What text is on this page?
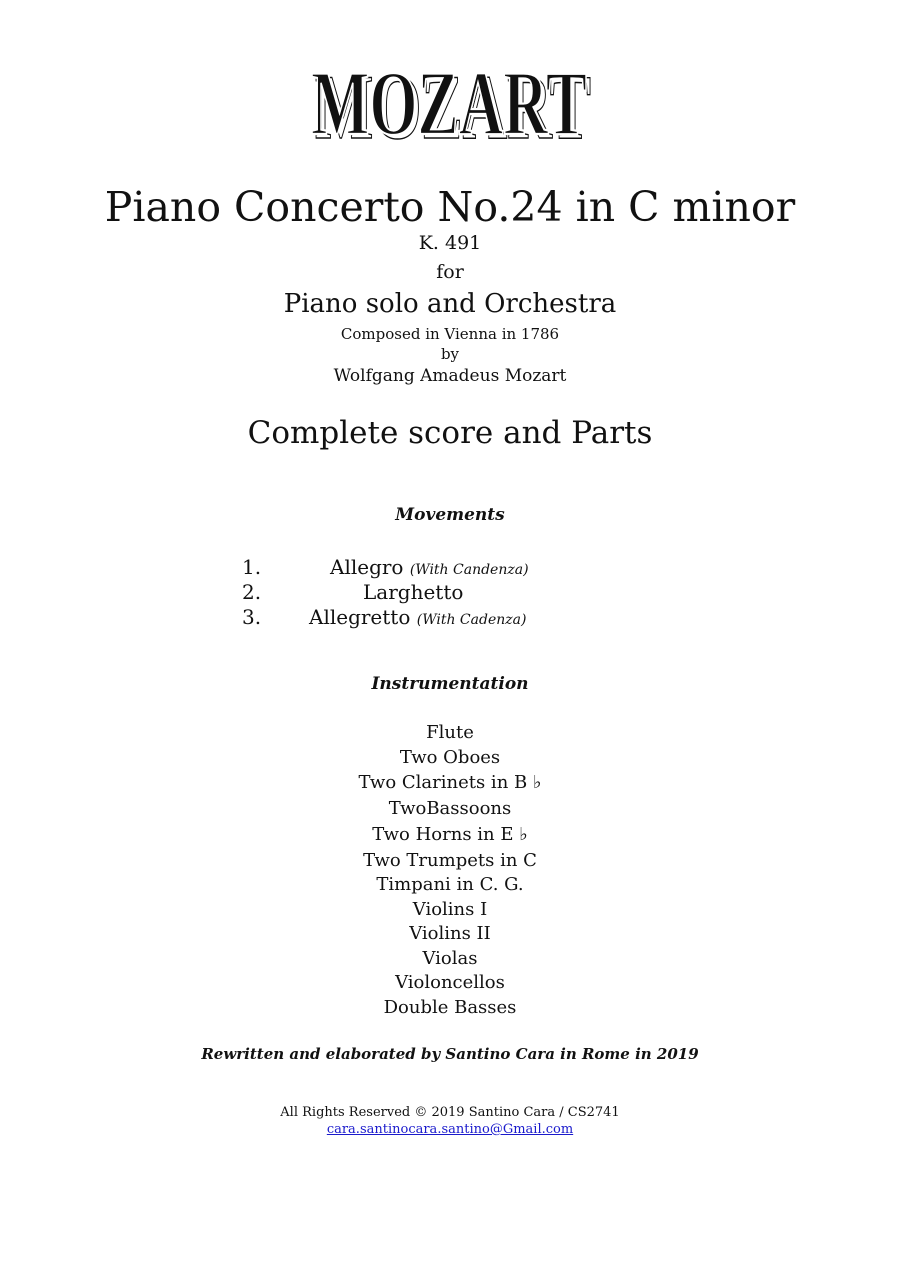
MOZART
MOZART
Piano Concerto No.24 in C minor
K. 491
for
Piano solo and Orchestra
Composed in Vienna in 1786
by
Wolfgang Amadeus Mozart
Complete score and Parts
Movements
1.	Allegro (With Candenza)
2.	Larghetto
3. Allegretto (With Cadenza)
Instrumentation
Flute
Two Oboes
Two Clarinets in B ♭
TwoBassoons
Two Horns in E ♭
Two Trumpets in C
Timpani in C. G.
Violins I
Violins II
Violas
Violoncellos
Double Basses
Rewritten and elaborated by Santino Cara in Rome in 2019
All Rights Reserved © 2019 Santino Cara / CS2741
cara.santinocara.santino@Gmail.com
